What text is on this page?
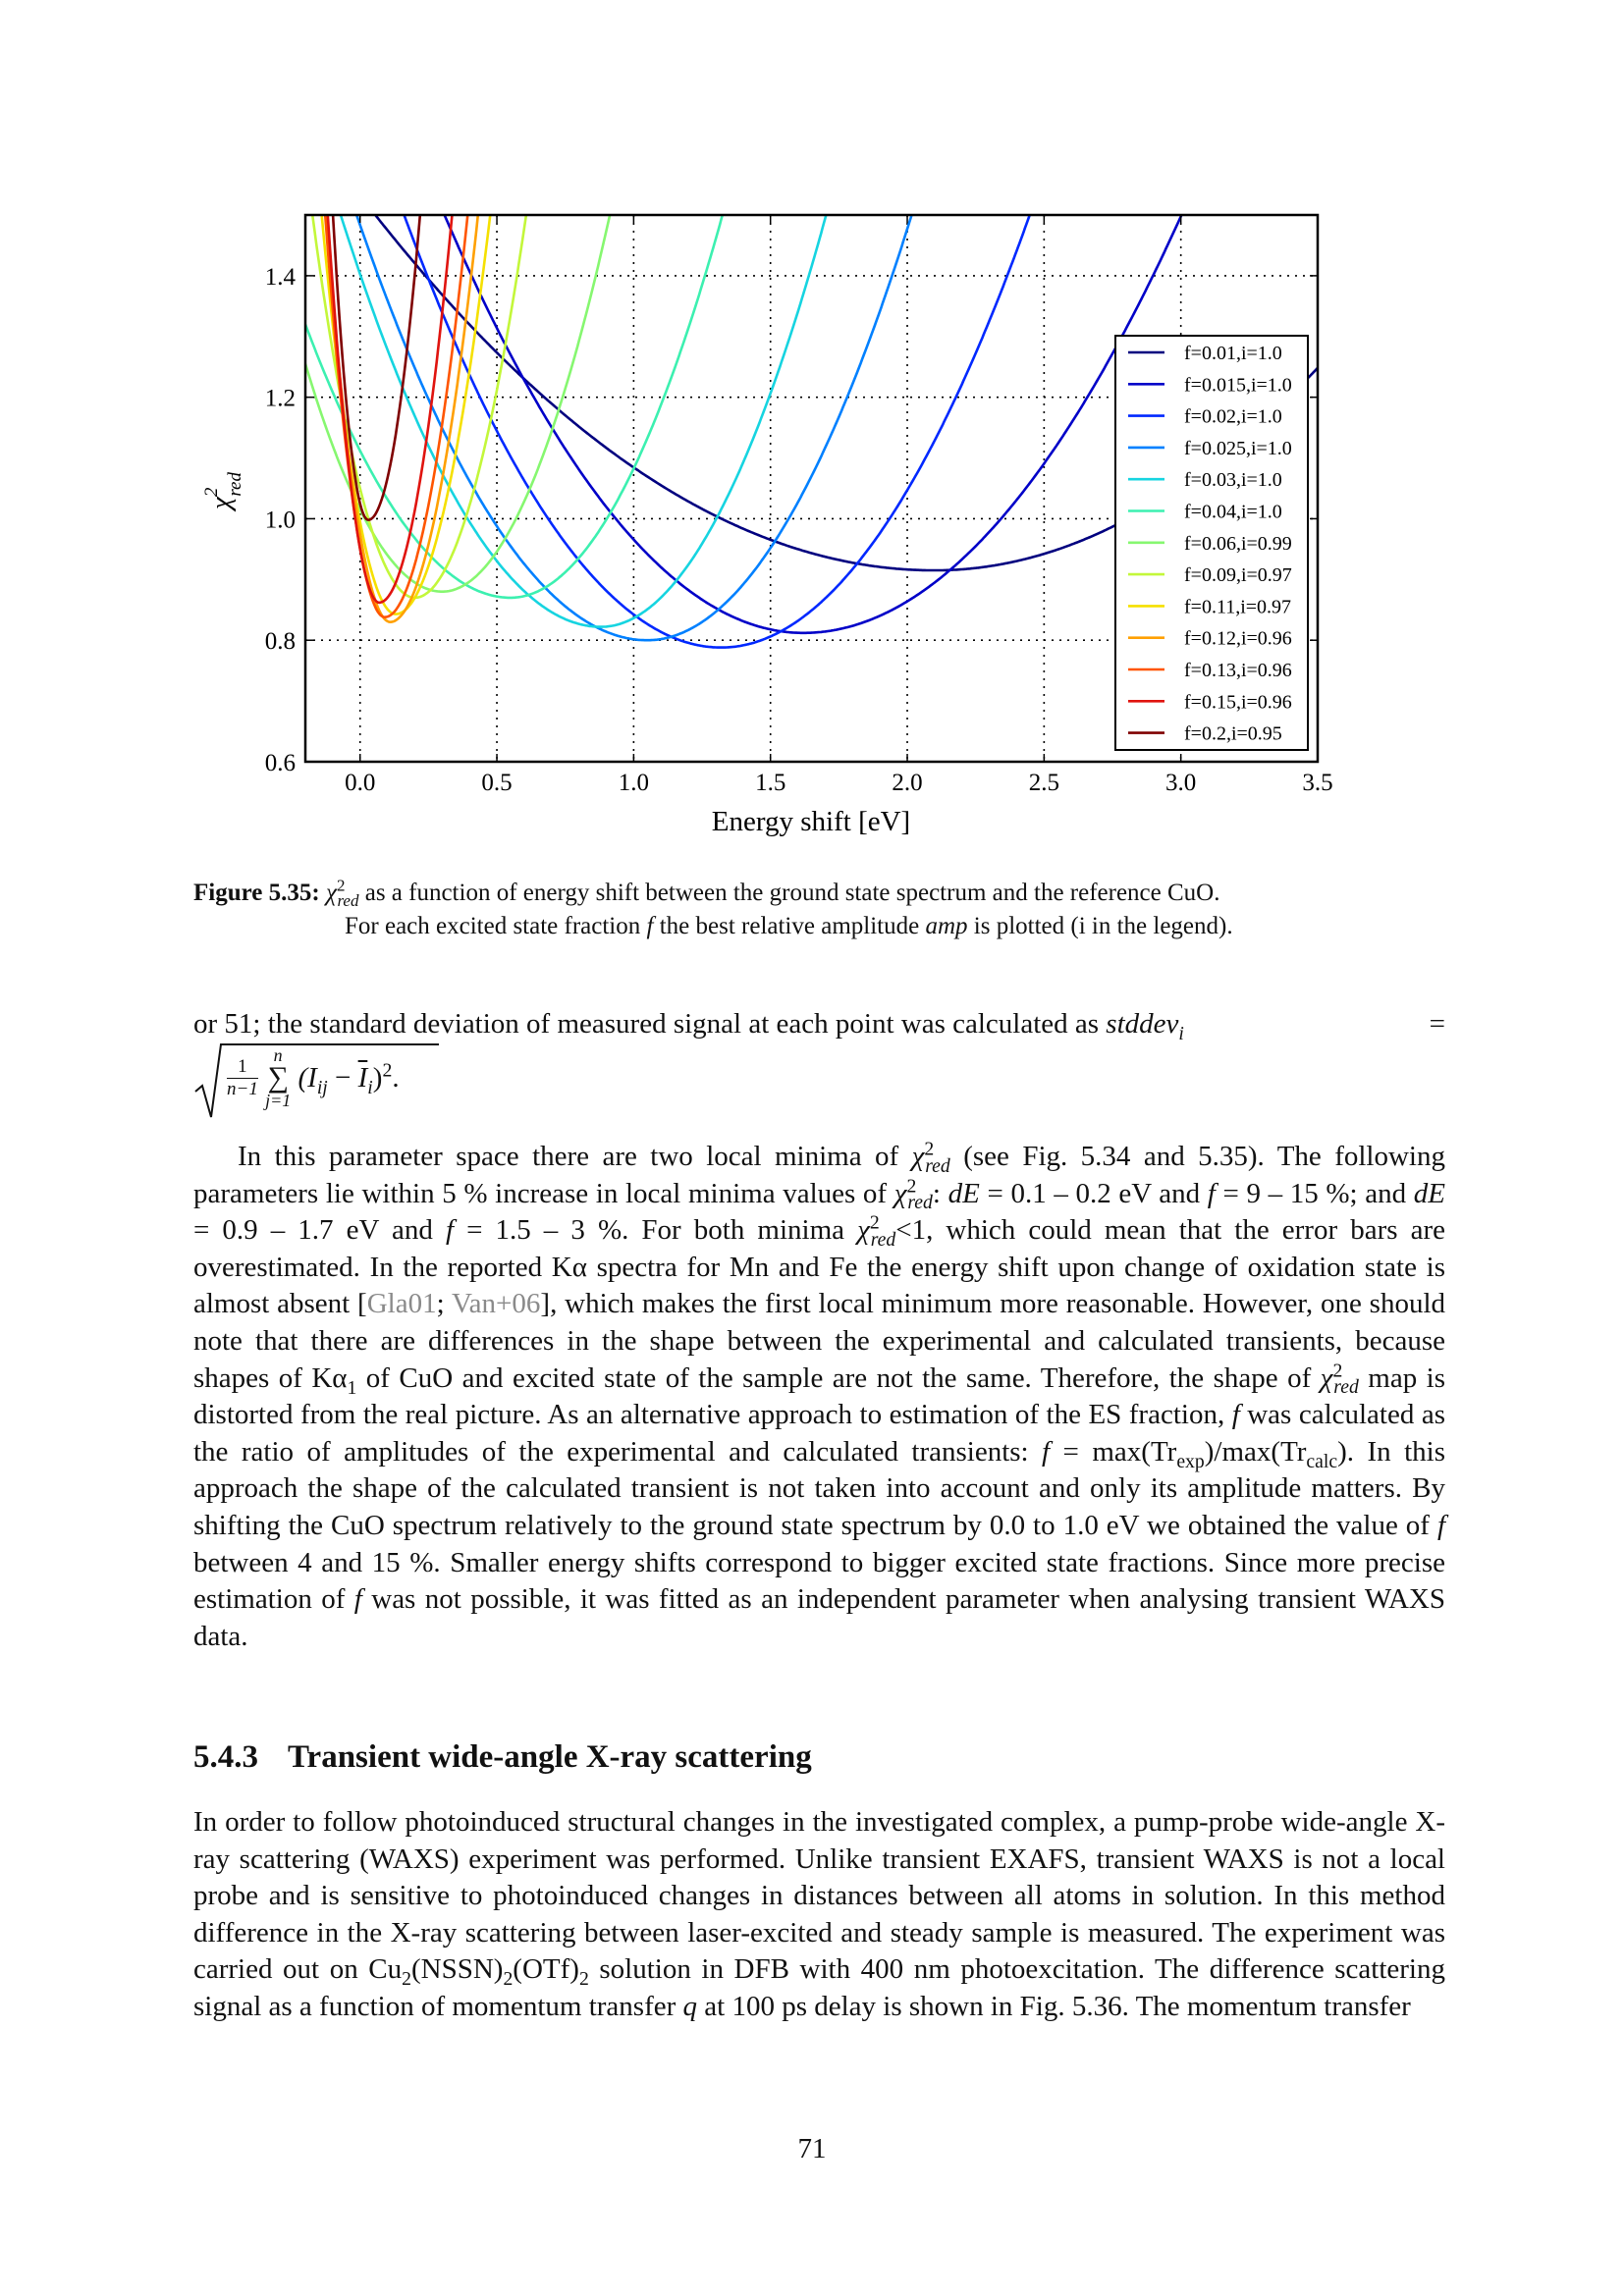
0.0	0.5	1.0	1.5	2.0	2.5	3.0	3.5
0.6
0.8
1.0
1.2
1.4
Energy shift [eV]
$\chi^2$ red
f=0.01,i=1.0
f=0.015,i=1.0
f=0.02,i=1.0
f=0.025,i=1.0
f=0.03,i=1.0
f=0.04,i=1.0
f=0.06,i=0.99
f=0.09,i=0.97
f=0.11,i=0.97
f=0.12,i=0.96
f=0.13,i=0.96
f=0.15,i=0.96
f=0.2,i=0.95
Figure 5.35: $\chi^2_{red}$ as a function of energy shift between the ground state spectrum and the reference CuO.
For each excited state fraction f the best relative amplitude amp is plotted (i in the legend).
or 51; the standard deviation of measured signal at each point was calculated as stddev$_i$	=
$\frac{1}{n-1}$

n
∑
j=1
$(I_{ij} - \overline{I}_i)^2$.
In this parameter space there are two local minima of $\chi^2_{red}$ (see Fig. 5.34 and 5.35). The following parameters lie within 5 % increase in local minima values of $\chi^2_{red}$: dE = 0.1 – 0.2 eV and f = 9 – 15 %; and dE = 0.9 – 1.7 eV and f = 1.5 – 3 %. For both minima $\chi^2_{red}<1$, which could mean that the error bars are overestimated. In the reported Kα spectra for Mn and Fe the energy shift upon change of oxidation state is almost absent [Gla01; Van+06], which makes the first local minimum more reasonable. However, one should note that there are differences in the shape between the experimental and calculated transients, because shapes of $K\alpha_1$ of CuO and excited state of the sample are not the same. Therefore, the shape of $\chi^2_{red}$ map is distorted from the real picture. As an alternative approach to estimation of the ES fraction, f was calculated as the ratio of amplitudes of the experimental and calculated transients: $f = \max(Tr_{exp})/\max(Tr_{calc})$. In this approach the shape of the calculated transient is not taken into account and only its amplitude matters. By shifting the CuO spectrum relatively to the ground state spectrum by 0.0 to 1.0 eV we obtained the value of f between 4 and 15 %. Smaller energy shifts correspond to bigger excited state fractions. Since more precise estimation of f was not possible, it was fitted as an independent parameter when analysing transient WAXS data.
5.4.3 Transient wide-angle X-ray scattering
In order to follow photoinduced structural changes in the investigated complex, a pump-probe wide-angle X-ray scattering (WAXS) experiment was performed. Unlike transient EXAFS, transient WAXS is not a local probe and is sensitive to photoinduced changes in distances between all atoms in solution. In this method difference in the X-ray scattering between laser-excited and steady sample is measured. The experiment was carried out on $Cu_2(NSSN)_2(OTf)_2$ solution in DFB with 400 nm photoexcitation. The difference scattering signal as a function of momentum transfer q at 100 ps delay is shown in Fig. 5.36. The momentum transfer
71
